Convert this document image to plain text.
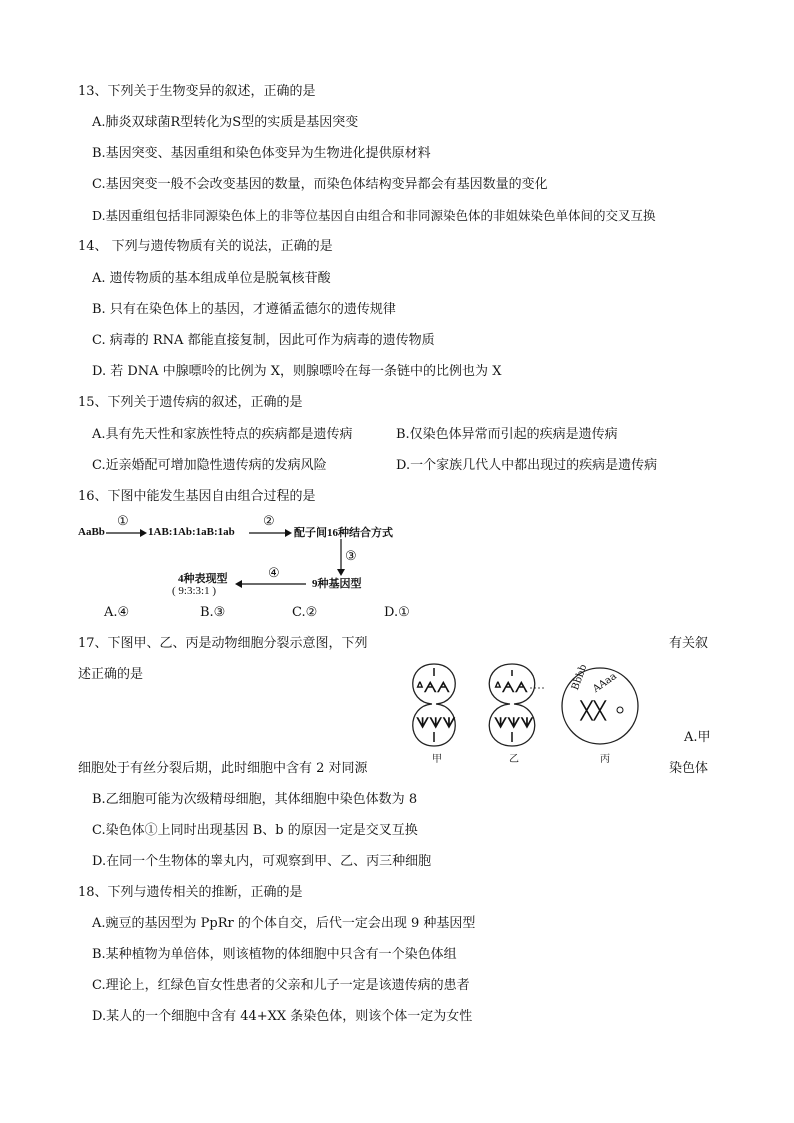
13、下列关于生物变异的叙述，正确的是
A.肺炎双球菌R型转化为S型的实质是基因突变
B.基因突变、基因重组和染色体变异为生物进化提供原材料
C.基因突变一般不会改变基因的数量，而染色体结构变异都会有基因数量的变化
D.基因重组包括非同源染色体上的非等位基因自由组合和非同源染色体的非姐妹染色单体间的交叉互换
14、 下列与遗传物质有关的说法，正确的是
A. 遗传物质的基本组成单位是脱氧核苷酸
B. 只有在染色体上的基因，才遵循孟德尔的遗传规律
C. 病毒的 RNA 都能直接复制，因此可作为病毒的遗传物质
D. 若 DNA 中腺嘌呤的比例为 X，则腺嘌呤在每一条链中的比例也为 X
15、下列关于遗传病的叙述，正确的是
A.具有先天性和家族性特点的疾病都是遗传病	B.仅染色体异常而引起的疾病是遗传病
C.近亲婚配可增加隐性遗传病的发病风险	D.一个家族几代人中都出现过的疾病是遗传病
16、下图中能发生基因自由组合过程的是
AaBb
①
1AB:1Ab:1aB:1ab
②
配子间16种结合方式
③
9种基因型
④
4种表现型
( 9:3:3:1 )
A.④	B.③	C.②	D.①
17、下图甲、乙、丙是动物细胞分裂示意图，下列	有关叙
述正确的是
ᐞᗅᗅ
ᗐᗐᗐ
ᐞᗅᗅ
ᗐᗐᗐ ᚷᚷ
Bbbb AAaa
甲	乙	丙
A.甲
细胞处于有丝分裂后期，此时细胞中含有 2 对同源	染色体
B.乙细胞可能为次级精母细胞，其体细胞中染色体数为 8
C.染色体①上同时出现基因 B、b 的原因一定是交叉互换
D.在同一个生物体的睾丸内，可观察到甲、乙、丙三种细胞
18、下列与遗传相关的推断，正确的是
A.豌豆的基因型为 PpRr 的个体自交，后代一定会出现 9 种基因型
B.某种植物为单倍体，则该植物的体细胞中只含有一个染色体组
C.理论上，红绿色盲女性患者的父亲和儿子一定是该遗传病的患者
D.某人的一个细胞中含有 44+XX 条染色体，则该个体一定为女性
